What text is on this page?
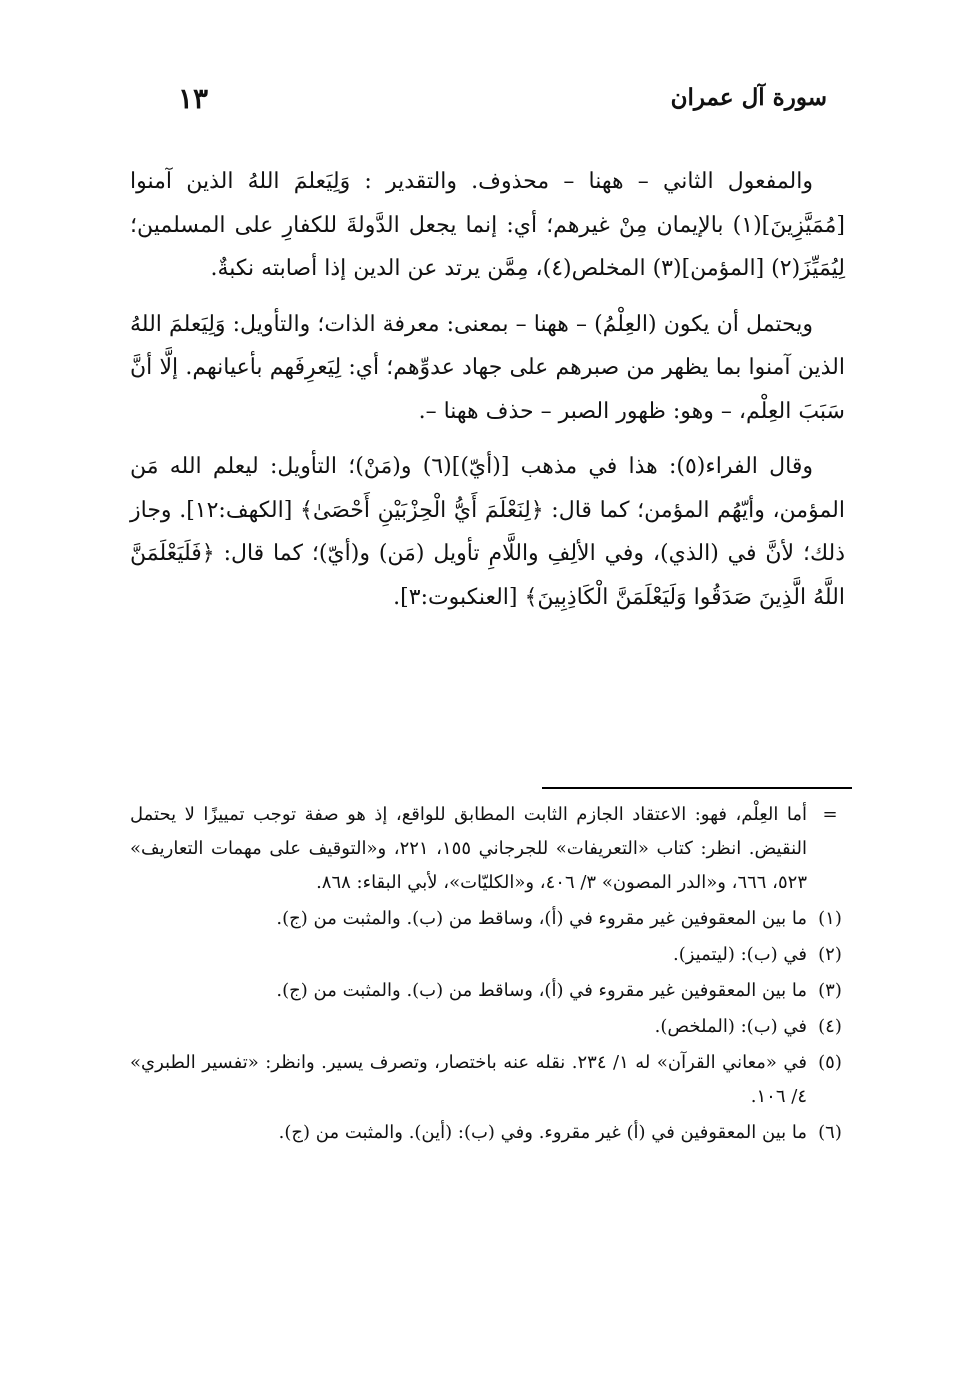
سورة آل عمران
١٣

والمفعول الثاني – ههنا – محذوف. والتقدير : وَلِيَعلمَ اللهُ الذين آمنوا [مُمَيَّزِينَ](١) بالإيمان مِنْ غيرهم؛ أي: إنما يجعل الدَّولةَ للكفارِ على المسلمين؛ لِيُمَيِّزَ(٢) [المؤمن](٣) المخلص(٤)، مِمَّن يرتد عن الدين إذا أصابته نكبةٌ.

ويحتمل أن يكون (العِلْمُ) – ههنا – بمعنى: معرفة الذات؛ والتأويل: وَلِيَعلمَ اللهُ الذين آمنوا بما يظهر من صبرهم على جهاد عدوِّهم؛ أي: لِيَعرِفَهم بأعيانهم. إلَّا أنَّ سَبَبَ العِلْم، – وهو: ظهور الصبر – حذف ههنا –.

وقال الفراء(٥): هذا في مذهب [(أيّ)](٦) و(مَنْ)؛ التأويل: ليعلم الله مَن المؤمن، وأيّهُم المؤمن؛ كما قال: ﴿لِنَعْلَمَ أَيُّ الْحِزْبَيْنِ أَحْصَىٰ﴾ [الكهف:١٢]. وجاز ذلك؛ لأنَّ في (الذي)، وفي الألِفِ واللَّامِ تأويل (مَن) و(أيّ)؛ كما قال: ﴿فَلَيَعْلَمَنَّ اللَّهُ الَّذِينَ صَدَقُوا وَلَيَعْلَمَنَّ الْكَاذِبِينَ﴾ [العنكبوت:٣].

=
أما العِلْم، فهو: الاعتقاد الجازم الثابت المطابق للواقع، إذ هو صفة توجب تمييزًا لا يحتمل النقيض. انظر: كتاب «التعريفات» للجرجاني ١٥٥، ٢٢١، و«التوقيف على مهمات التعاريف» ٥٢٣، ٦٦٦، و«الدر المصون» ٣/ ٤٠٦، و«الكليّات»، لأبي البقاء: ٨٦٨.
(١)
ما بين المعقوفين غير مقروء في (أ)، وساقط من (ب). والمثبت من (ج).
(٢)
في (ب): (ليتميز).
(٣)
ما بين المعقوفين غير مقروء في (أ)، وساقط من (ب). والمثبت من (ج).
(٤)
في (ب): (الملخص).
(٥)
في «معاني القرآن» له ١/ ٢٣٤. نقله عنه باختصار، وتصرف يسير. وانظر: «تفسير الطبري» ٤/ ١٠٦.
(٦)
ما بين المعقوفين في (أ) غير مقروء. وفي (ب): (أين). والمثبت من (ج).
